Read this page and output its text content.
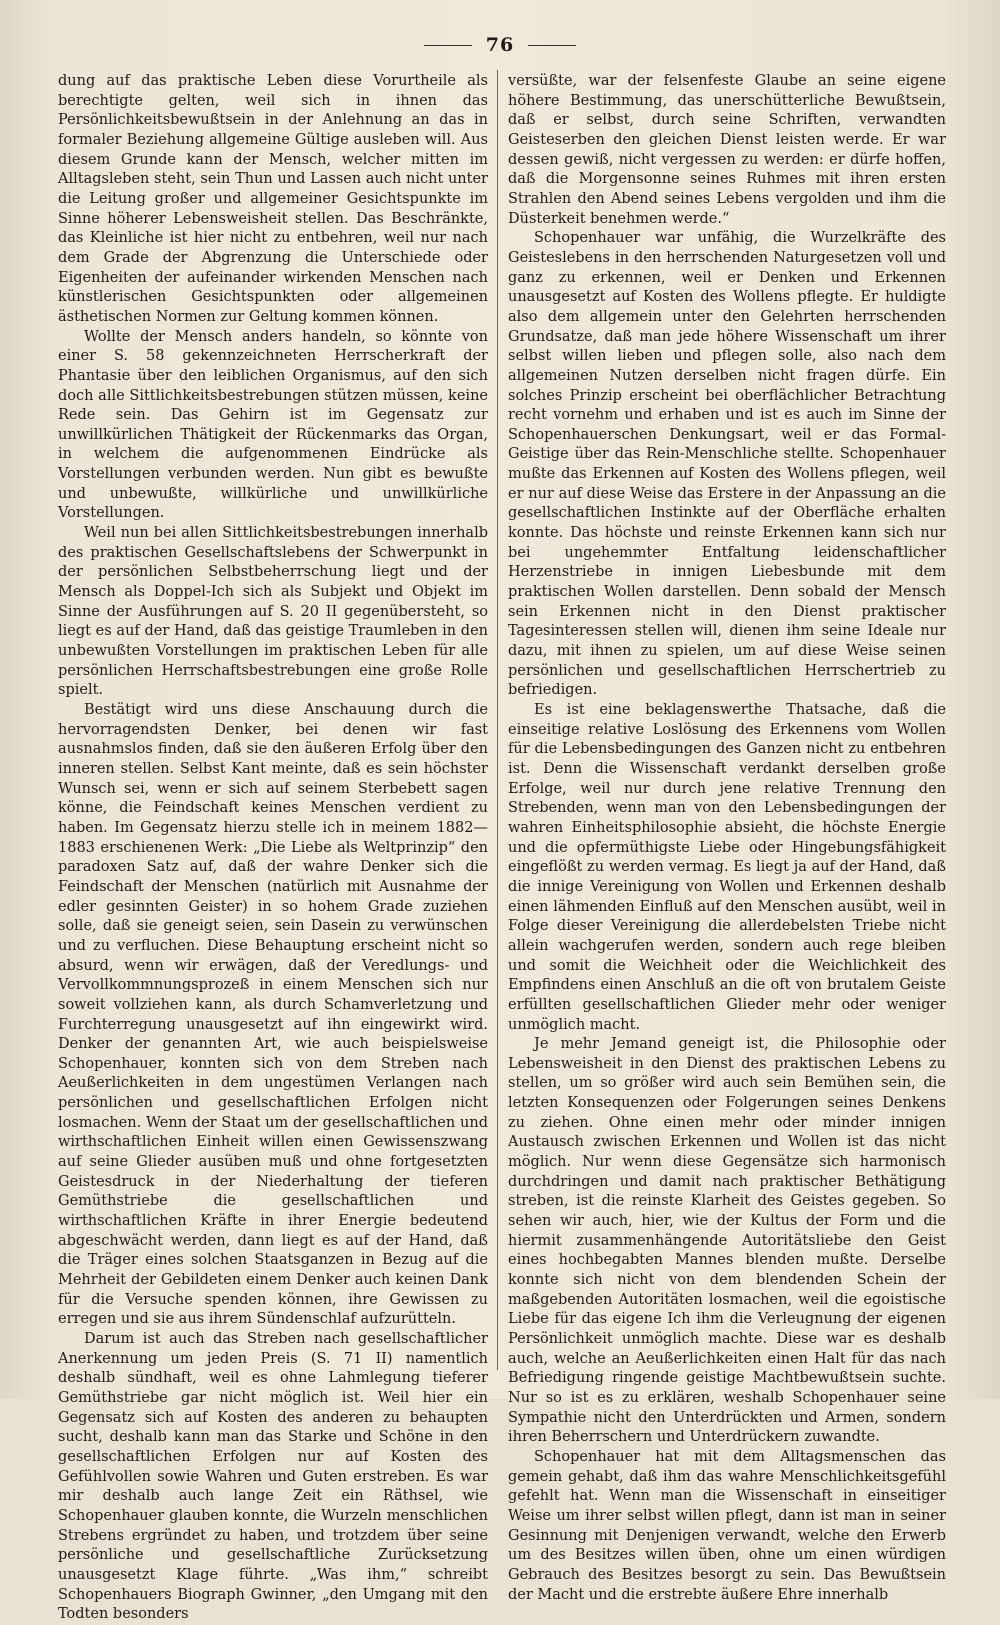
76

dung auf das praktische Leben diese Vorurtheile als berechtigte gelten, weil sich in ihnen das Persönlichkeitsbewußtsein in der Anlehnung an das in formaler Beziehung allgemeine Gültige ausleben will. Aus diesem Grunde kann der Mensch, welcher mitten im Alltagsleben steht, sein Thun und Lassen auch nicht unter die Leitung großer und allgemeiner Gesichtspunkte im Sinne höherer Lebensweisheit stellen. Das Beschränkte, das Kleinliche ist hier nicht zu entbehren, weil nur nach dem Grade der Abgrenzung die Unterschiede oder Eigenheiten der aufeinander wirkenden Menschen nach künstlerischen Gesichtspunkten oder allgemeinen ästhetischen Normen zur Geltung kommen können.

Wollte der Mensch anders handeln, so könnte von einer S. 58 gekennzeichneten Herrscherkraft der Phantasie über den leiblichen Organismus, auf den sich doch alle Sittlichkeitsbestrebungen stützen müssen, keine Rede sein. Das Gehirn ist im Gegensatz zur unwillkürlichen Thätigkeit der Rückenmarks das Organ, in welchem die aufgenommenen Eindrücke als Vorstellungen verbunden werden. Nun gibt es bewußte und unbewußte, willkürliche und unwillkürliche Vorstellungen.

Weil nun bei allen Sittlichkeitsbestrebungen innerhalb des praktischen Gesellschaftslebens der Schwerpunkt in der persönlichen Selbstbeherrschung liegt und der Mensch als Doppel-Ich sich als Subjekt und Objekt im Sinne der Ausführungen auf S. 20 II gegenübersteht, so liegt es auf der Hand, daß das geistige Traumleben in den unbewußten Vorstellungen im praktischen Leben für alle persönlichen Herrschaftsbestrebungen eine große Rolle spielt.

Bestätigt wird uns diese Anschauung durch die hervorragendsten Denker, bei denen wir fast ausnahmslos finden, daß sie den äußeren Erfolg über den inneren stellen. Selbst Kant meinte, daß es sein höchster Wunsch sei, wenn er sich auf seinem Sterbebett sagen könne, die Feindschaft keines Menschen verdient zu haben. Im Gegensatz hierzu stelle ich in meinem 1882—1883 erschienenen Werk: „Die Liebe als Weltprinzip“ den paradoxen Satz auf, daß der wahre Denker sich die Feindschaft der Menschen (natürlich mit Ausnahme der edler gesinnten Geister) in so hohem Grade zuziehen solle, daß sie geneigt seien, sein Dasein zu verwünschen und zu verfluchen. Diese Behauptung erscheint nicht so absurd, wenn wir erwägen, daß der Veredlungs- und Vervollkommnungsprozeß in einem Menschen sich nur soweit vollziehen kann, als durch Schamverletzung und Furchterregung unausgesetzt auf ihn eingewirkt wird. Denker der genannten Art, wie auch beispielsweise Schopenhauer, konnten sich von dem Streben nach Aeußerlichkeiten in dem ungestümen Verlangen nach persönlichen und gesellschaftlichen Erfolgen nicht losmachen. Wenn der Staat um der gesellschaftlichen und wirthschaftlichen Einheit willen einen Gewissenszwang auf seine Glieder ausüben muß und ohne fortgesetzten Geistesdruck in der Niederhaltung der tieferen Gemüthstriebe die gesellschaftlichen und wirthschaftlichen Kräfte in ihrer Energie bedeutend abgeschwächt werden, dann liegt es auf der Hand, daß die Träger eines solchen Staatsganzen in Bezug auf die Mehrheit der Gebildeten einem Denker auch keinen Dank für die Versuche spenden können, ihre Gewissen zu erregen und sie aus ihrem Sündenschlaf aufzurütteln.

Darum ist auch das Streben nach gesellschaftlicher Anerkennung um jeden Preis (S. 71 II) namentlich deshalb sündhaft, weil es ohne Lahmlegung tieferer Gemüthstriebe gar nicht möglich ist. Weil hier ein Gegensatz sich auf Kosten des anderen zu behaupten sucht, deshalb kann man das Starke und Schöne in den gesellschaftlichen Erfolgen nur auf Kosten des Gefühlvollen sowie Wahren und Guten erstreben. Es war mir deshalb auch lange Zeit ein Räthsel, wie Schopenhauer glauben konnte, die Wurzeln menschlichen Strebens ergründet zu haben, und trotzdem über seine persönliche und gesellschaftliche Zurücksetzung unausgesetzt Klage führte. „Was ihm,“ schreibt Schopenhauers Biograph Gwinner, „den Umgang mit den Todten besonders

versüßte, war der felsenfeste Glaube an seine eigene höhere Bestimmung, das unerschütterliche Bewußtsein, daß er selbst, durch seine Schriften, verwandten Geisteserben den gleichen Dienst leisten werde. Er war dessen gewiß, nicht vergessen zu werden: er dürfe hoffen, daß die Morgensonne seines Ruhmes mit ihren ersten Strahlen den Abend seines Lebens vergolden und ihm die Düsterkeit benehmen werde.“

Schopenhauer war unfähig, die Wurzelkräfte des Geisteslebens in den herrschenden Naturgesetzen voll und ganz zu erkennen, weil er Denken und Erkennen unausgesetzt auf Kosten des Wollens pflegte. Er huldigte also dem allgemein unter den Gelehrten herrschenden Grundsatze, daß man jede höhere Wissenschaft um ihrer selbst willen lieben und pflegen solle, also nach dem allgemeinen Nutzen derselben nicht fragen dürfe. Ein solches Prinzip erscheint bei oberflächlicher Betrachtung recht vornehm und erhaben und ist es auch im Sinne der Schopenhauerschen Denkungsart, weil er das Formal-Geistige über das Rein-Menschliche stellte. Schopenhauer mußte das Erkennen auf Kosten des Wollens pflegen, weil er nur auf diese Weise das Erstere in der Anpassung an die gesellschaftlichen Instinkte auf der Oberfläche erhalten konnte. Das höchste und reinste Erkennen kann sich nur bei ungehemmter Entfaltung leidenschaftlicher Herzenstriebe in innigen Liebesbunde mit dem praktischen Wollen darstellen. Denn sobald der Mensch sein Erkennen nicht in den Dienst praktischer Tagesinteressen stellen will, dienen ihm seine Ideale nur dazu, mit ihnen zu spielen, um auf diese Weise seinen persönlichen und gesellschaftlichen Herrschertrieb zu befriedigen.

Es ist eine beklagenswerthe Thatsache, daß die einseitige relative Loslösung des Erkennens vom Wollen für die Lebensbedingungen des Ganzen nicht zu entbehren ist. Denn die Wissenschaft verdankt derselben große Erfolge, weil nur durch jene relative Trennung den Strebenden, wenn man von den Lebensbedingungen der wahren Einheitsphilosophie absieht, die höchste Energie und die opfermüthigste Liebe oder Hingebungsfähigkeit eingeflößt zu werden vermag. Es liegt ja auf der Hand, daß die innige Vereinigung von Wollen und Erkennen deshalb einen lähmenden Einfluß auf den Menschen ausübt, weil in Folge dieser Vereinigung die allerdebelsten Triebe nicht allein wachgerufen werden, sondern auch rege bleiben und somit die Weichheit oder die Weichlichkeit des Empfindens einen Anschluß an die oft von brutalem Geiste erfüllten gesellschaftlichen Glieder mehr oder weniger unmöglich macht.

Je mehr Jemand geneigt ist, die Philosophie oder Lebensweisheit in den Dienst des praktischen Lebens zu stellen, um so größer wird auch sein Bemühen sein, die letzten Konsequenzen oder Folgerungen seines Denkens zu ziehen. Ohne einen mehr oder minder innigen Austausch zwischen Erkennen und Wollen ist das nicht möglich. Nur wenn diese Gegensätze sich harmonisch durchdringen und damit nach praktischer Bethätigung streben, ist die reinste Klarheit des Geistes gegeben. So sehen wir auch, hier, wie der Kultus der Form und die hiermit zusammenhängende Autoritätsliebe den Geist eines hochbegabten Mannes blenden mußte. Derselbe konnte sich nicht von dem blendenden Schein der maßgebenden Autoritäten losmachen, weil die egoistische Liebe für das eigene Ich ihm die Verleugnung der eigenen Persönlichkeit unmöglich machte. Diese war es deshalb auch, welche an Aeußerlichkeiten einen Halt für das nach Befriedigung ringende geistige Machtbewußtsein suchte. Nur so ist es zu erklären, weshalb Schopenhauer seine Sympathie nicht den Unterdrückten und Armen, sondern ihren Beherrschern und Unterdrückern zuwandte.

Schopenhauer hat mit dem Alltagsmenschen das gemein gehabt, daß ihm das wahre Menschlichkeitsgefühl gefehlt hat. Wenn man die Wissenschaft in einseitiger Weise um ihrer selbst willen pflegt, dann ist man in seiner Gesinnung mit Denjenigen verwandt, welche den Erwerb um des Besitzes willen üben, ohne um einen würdigen Gebrauch des Besitzes besorgt zu sein. Das Bewußtsein der Macht und die erstrebte äußere Ehre innerhalb
